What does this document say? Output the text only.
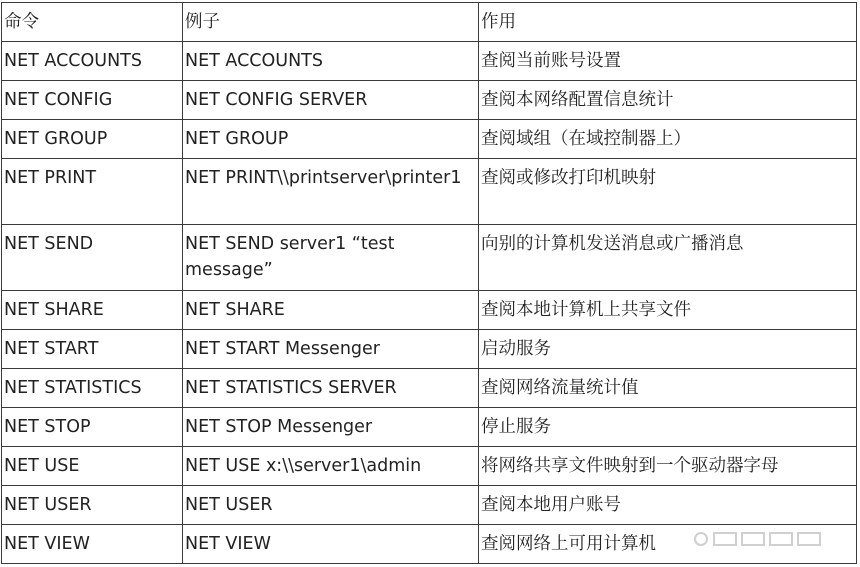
命令	例子	作用
NET ACCOUNTS	NET ACCOUNTS	查阅当前账号设置
NET CONFIG	NET CONFIG SERVER	查阅本网络配置信息统计
NET GROUP	NET GROUP	查阅域组（在域控制器上）
NET PRINT	NET PRINT\\printserver\printer1	查阅或修改打印机映射
NET SEND	NET SEND server1 “test message”	向别的计算机发送消息或广播消息
NET SHARE	NET SHARE	查阅本地计算机上共享文件
NET START	NET START Messenger	启动服务
NET STATISTICS	NET STATISTICS SERVER	查阅网络流量统计值
NET STOP	NET STOP Messenger	停止服务
NET USE	NET USE x:\\server1\admin	将网络共享文件映射到一个驱动器字母
NET USER	NET USER	查阅本地用户账号
NET VIEW	NET VIEW	查阅网络上可用计算机
